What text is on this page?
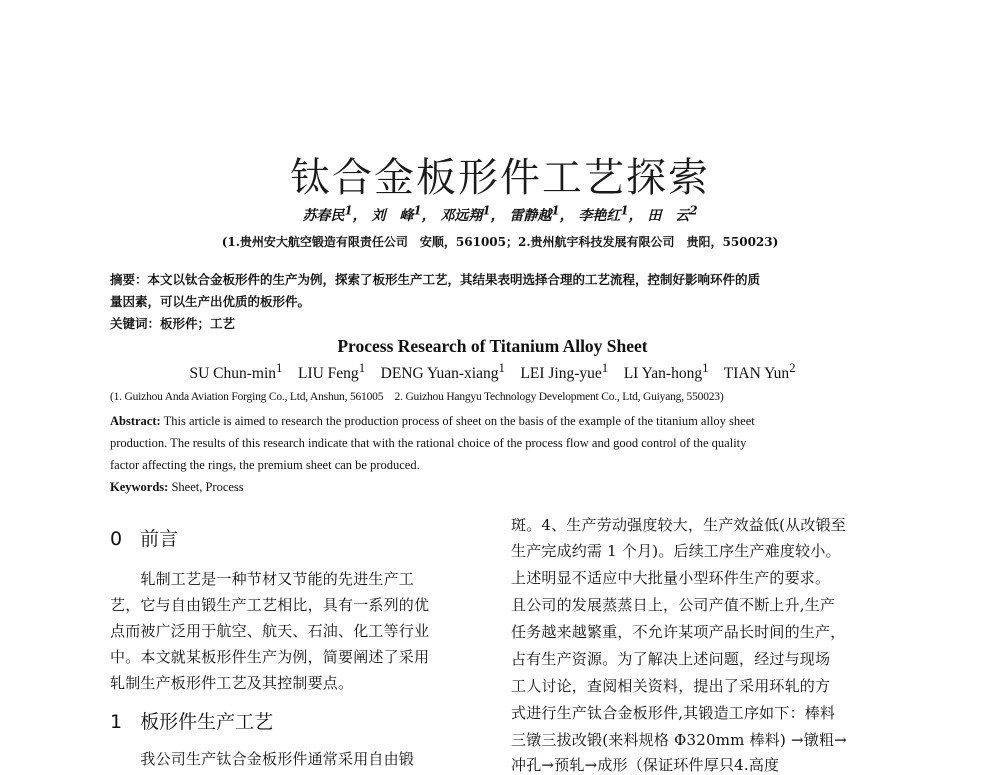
钛合金板形件工艺探索
苏春民$^1$， 刘　峰$^1$， 邓远翔$^1$， 雷静越$^1$， 李艳红$^1$， 田　云$^2$
(1.贵州安大航空锻造有限责任公司　安顺，561005；2.贵州航宇科技发展有限公司　贵阳，550023)
摘要：本文以钛合金板形件的生产为例，探索了板形生产工艺，其结果表明选择合理的工艺流程，控制好影响环件的质
量因素，可以生产出优质的板形件。
关键词：板形件；工艺
Process Research of Titanium Alloy Sheet
SU Chun-$\min^1$ LIU Feng$^1$ DENG Yuan-xiang$^1$ LEI Jing-yue$^1$ LI Yan-hong$^1$ TIAN Yun$^2$
(1. Guizhou Anda Aviation Forging Co., Ltd, Anshun, 561005　2. Guizhou Hangyu Technology Development Co., Ltd, Guiyang, 550023)
Abstract: This article is aimed to research the production process of sheet on the basis of the example of the titanium alloy sheet
production. The results of this research indicate that with the rational choice of the process flow and good control of the quality
factor affecting the rings, the premium sheet can be produced.
Keywords: Sheet, Process
0 前言
　　轧制工艺是一种节材又节能的先进生产工
艺，它与自由锻生产工艺相比，具有一系列的优
点而被广泛用于航空、航天、石油、化工等行业
中。本文就某板形件生产为例，简要阐述了采用
轧制生产板形件工艺及其控制要点。
1 板形件生产工艺
　　我公司生产钛合金板形件通常采用自由锻
斑。4、生产劳动强度较大，生产效益低(从改锻至
生产完成约需 1 个月)。后续工序生产难度较小。
上述明显不适应中大批量小型环件生产的要求。
且公司的发展蒸蒸日上，公司产值不断上升,生产
任务越来越繁重，不允许某项产品长时间的生产，
占有生产资源。为了解决上述问题，经过与现场
工人讨论，查阅相关资料，提出了采用环轧的方
式进行生产钛合金板形件,其锻造工序如下：棒料
三镦三拔改锻(来料规格 Φ320mm 棒料) →镦粗→
冲孔→预轧→成形（保证环件厚只4.高度
